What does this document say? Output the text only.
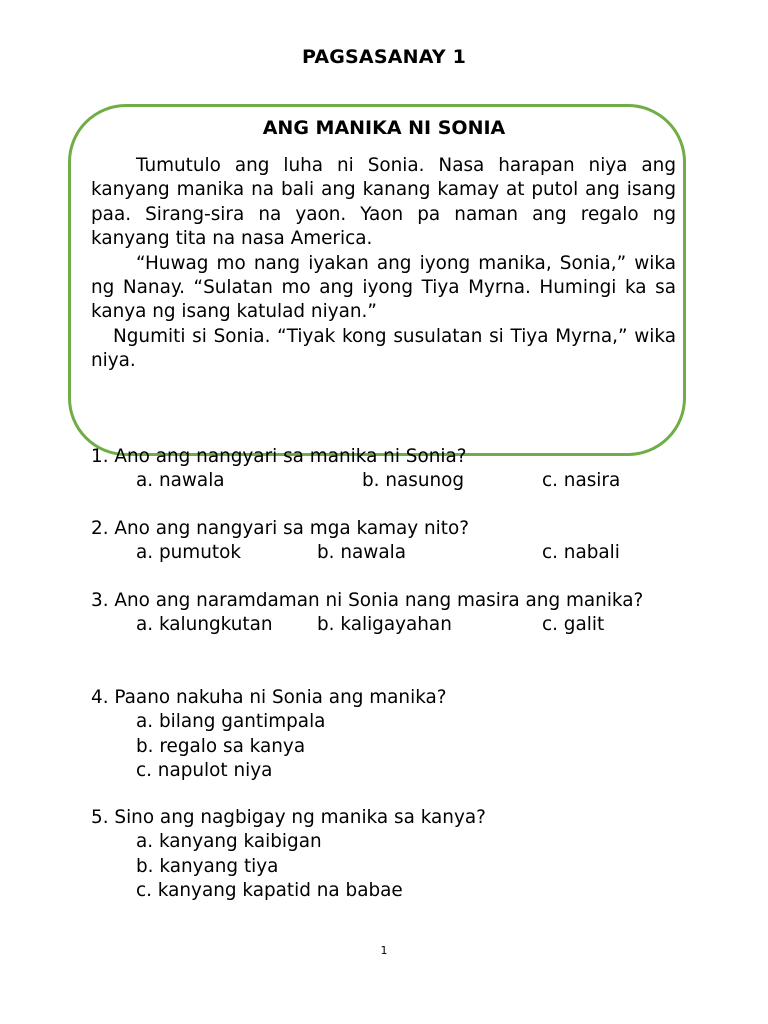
PAGSASANAY 1
ANG MANIKA NI SONIA

Tumutulo ang luha ni Sonia. Nasa harapan niya ang kanyang manika na bali ang kanang kamay at putol ang isang paa. Sirang-sira na yaon. Yaon pa naman ang regalo ng kanyang tita na nasa America.

“Huwag mo nang iyakan ang iyong manika, Sonia,” wika ng Nanay. “Sulatan mo ang iyong Tiya Myrna. Humingi ka sa kanya ng isang katulad niyan.”

Ngumiti si Sonia. “Tiyak kong susulatan si Tiya Myrna,” wika niya.

1. Ano ang nangyari sa manika ni Sonia?
a. nawala	b. nasunog	c. nasira
2. Ano ang nangyari sa mga kamay nito?
a. pumutok	b. nawala	c. nabali
3. Ano ang naramdaman ni Sonia nang masira ang manika?
a. kalungkutan b. kaligayahan	c. galit
4. Paano nakuha ni Sonia ang manika?
a. bilang gantimpala
b. regalo sa kanya
c. napulot niya
5. Sino ang nagbigay ng manika sa kanya?
a. kanyang kaibigan
b. kanyang tiya
c. kanyang kapatid na babae
1
